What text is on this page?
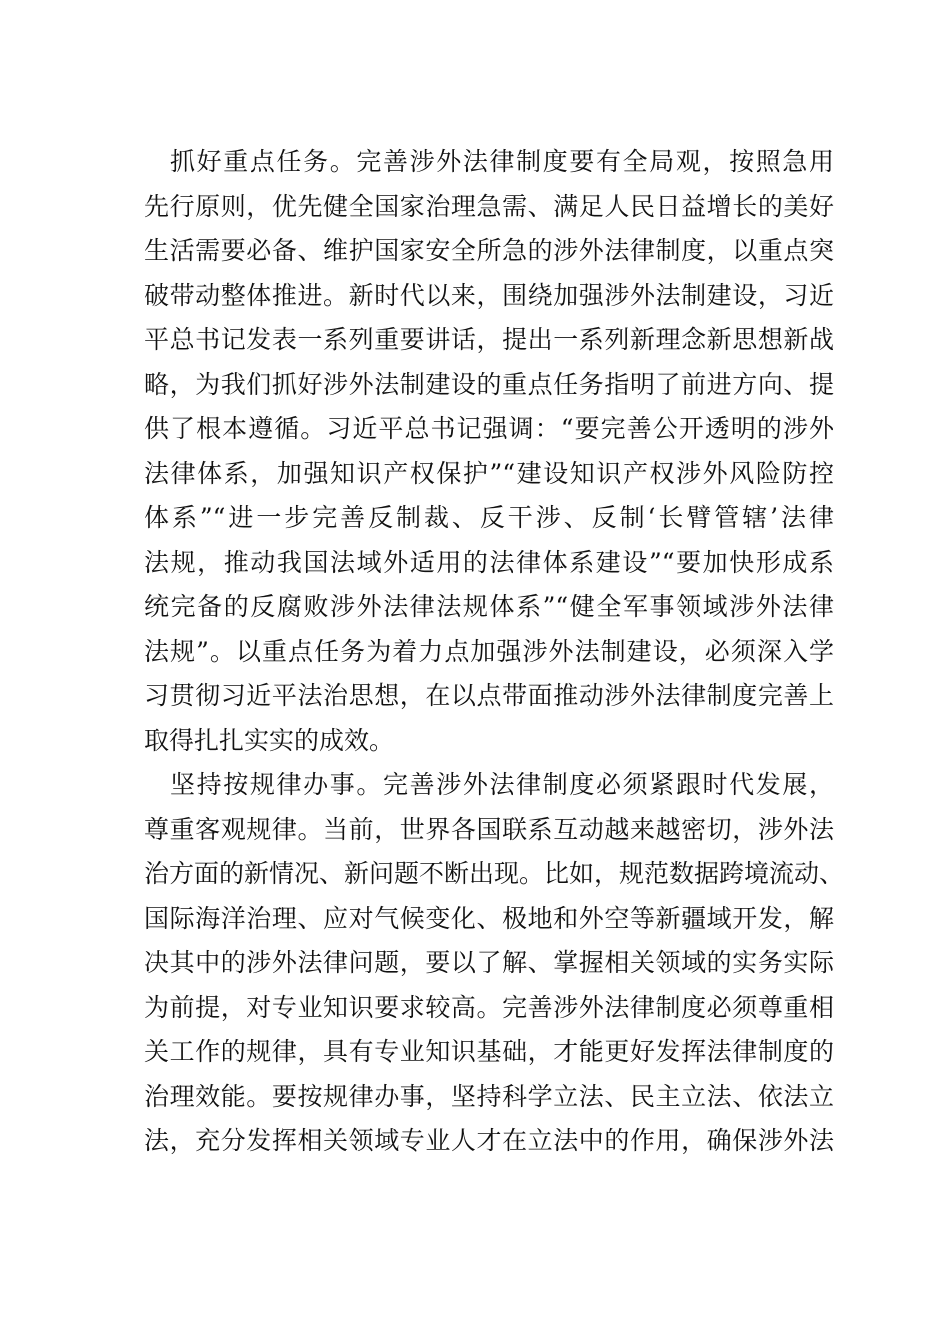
抓好重点任务。完善涉外法律制度要有全局观，按照急用
先行原则，优先健全国家治理急需、满足人民日益增长的美好
生活需要必备、维护国家安全所急的涉外法律制度，以重点突
破带动整体推进。新时代以来，围绕加强涉外法制建设，习近
平总书记发表一系列重要讲话，提出一系列新理念新思想新战
略，为我们抓好涉外法制建设的重点任务指明了前进方向、提
供了根本遵循。习近平总书记强调：“要完善公开透明的涉外
法律体系，加强知识产权保护”“建设知识产权涉外风险防控
体系”“进一步完善反制裁、反干涉、反制‘长臂管辖’法律
法规，推动我国法域外适用的法律体系建设”“要加快形成系
统完备的反腐败涉外法律法规体系”“健全军事领域涉外法律
法规”。以重点任务为着力点加强涉外法制建设，必须深入学
习贯彻习近平法治思想，在以点带面推动涉外法律制度完善上
取得扎扎实实的成效。
坚持按规律办事。完善涉外法律制度必须紧跟时代发展，
尊重客观规律。当前，世界各国联系互动越来越密切，涉外法
治方面的新情况、新问题不断出现。比如，规范数据跨境流动、
国际海洋治理、应对气候变化、极地和外空等新疆域开发，解
决其中的涉外法律问题，要以了解、掌握相关领域的实务实际
为前提，对专业知识要求较高。完善涉外法律制度必须尊重相
关工作的规律，具有专业知识基础，才能更好发挥法律制度的
治理效能。要按规律办事，坚持科学立法、民主立法、依法立
法，充分发挥相关领域专业人才在立法中的作用，确保涉外法
